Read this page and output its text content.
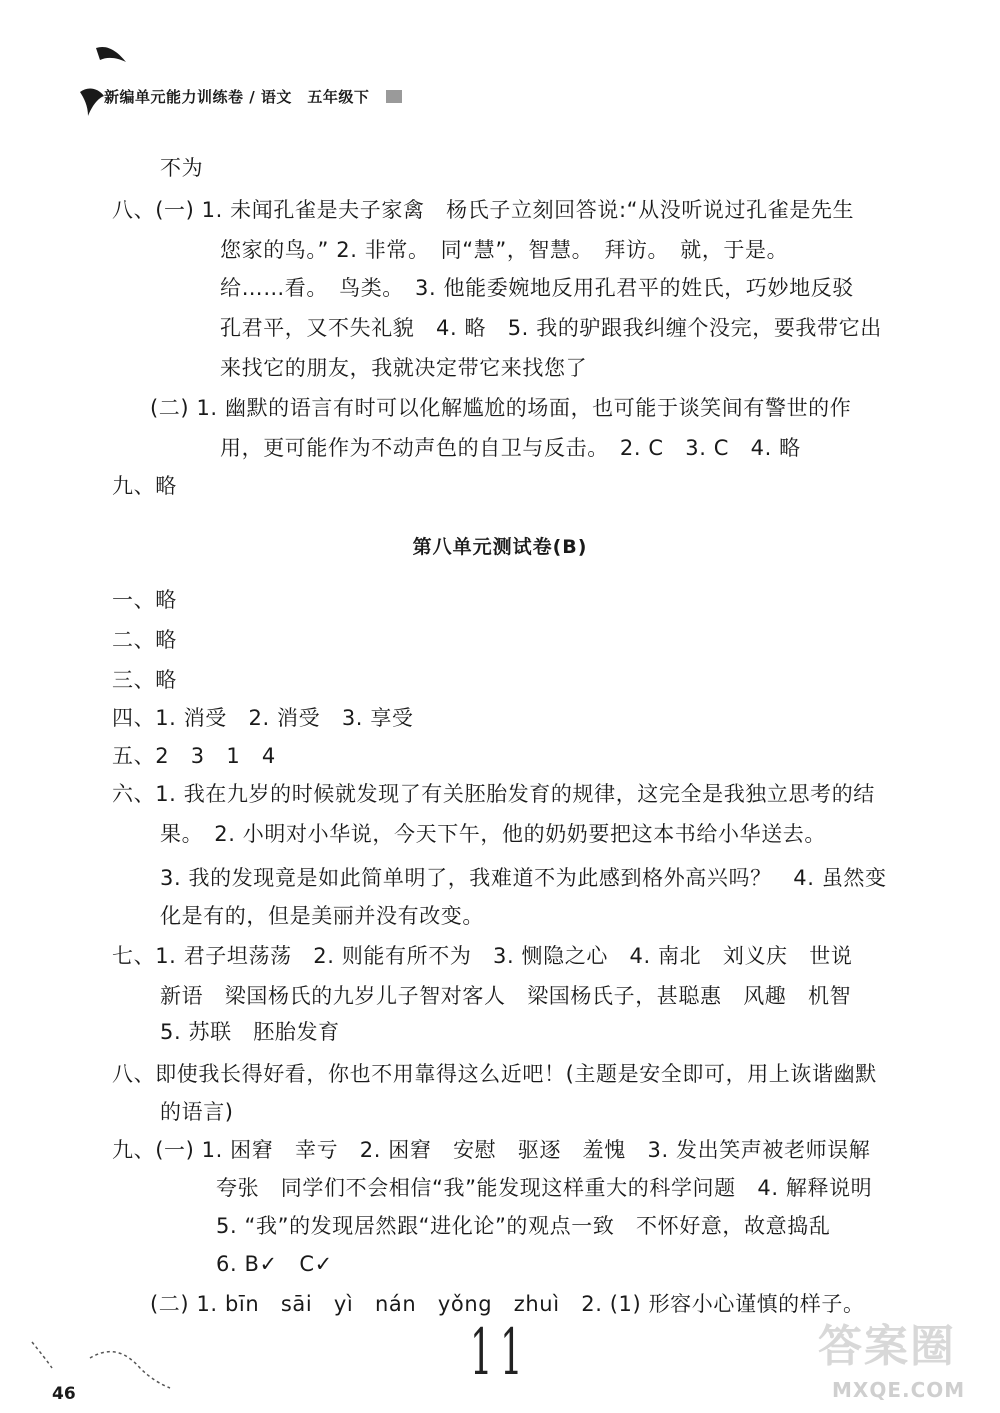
新编单元能力训练卷 / 语文　五年级下
不为
八、(一) 1. 未闻孔雀是夫子家禽　杨氏子立刻回答说:“从没听说过孔雀是先生
您家的鸟。” 2. 非常。　同“慧”，智慧。　拜访。　就，于是。
给……看。　鸟类。　3. 他能委婉地反用孔君平的姓氏，巧妙地反驳
孔君平，又不失礼貌　4. 略　5. 我的驴跟我纠缠个没完，要我带它出
来找它的朋友，我就决定带它来找您了
(二) 1. 幽默的语言有时可以化解尴尬的场面，也可能于谈笑间有警世的作
用，更可能作为不动声色的自卫与反击。　2. C　3. C　4. 略
九、略
第八单元测试卷(B)
一、略
二、略
三、略
四、1. 消受　2. 消受　3. 享受
五、2　3　1　4
六、1. 我在九岁的时候就发现了有关胚胎发育的规律，这完全是我独立思考的结
果。　2. 小明对小华说，今天下午，他的奶奶要把这本书给小华送去。
3. 我的发现竟是如此简单明了，我难道不为此感到格外高兴吗？　4. 虽然变
化是有的，但是美丽并没有改变。
七、1. 君子坦荡荡　2. 则能有所不为　3. 恻隐之心　4. 南北　刘义庆　世说
新语　梁国杨氏的九岁儿子智对客人　梁国杨氏子，甚聪惠　风趣　机智
5. 苏联　胚胎发育
八、即使我长得好看，你也不用靠得这么近吧！(主题是安全即可，用上诙谐幽默
的语言)
九、(一) 1. 困窘　幸亏　2. 困窘　安慰　驱逐　羞愧　3. 发出笑声被老师误解
夸张　同学们不会相信“我”能发现这样重大的科学问题　4. 解释说明
5. “我”的发现居然跟“进化论”的观点一致　不怀好意，故意捣乱
6. B✓　C✓
(二) 1. bīn　sāi　yì　nán　yǒng　zhuì　2. (1) 形容小心谨慎的样子。
11
46
答案圈
MXQE.COM
